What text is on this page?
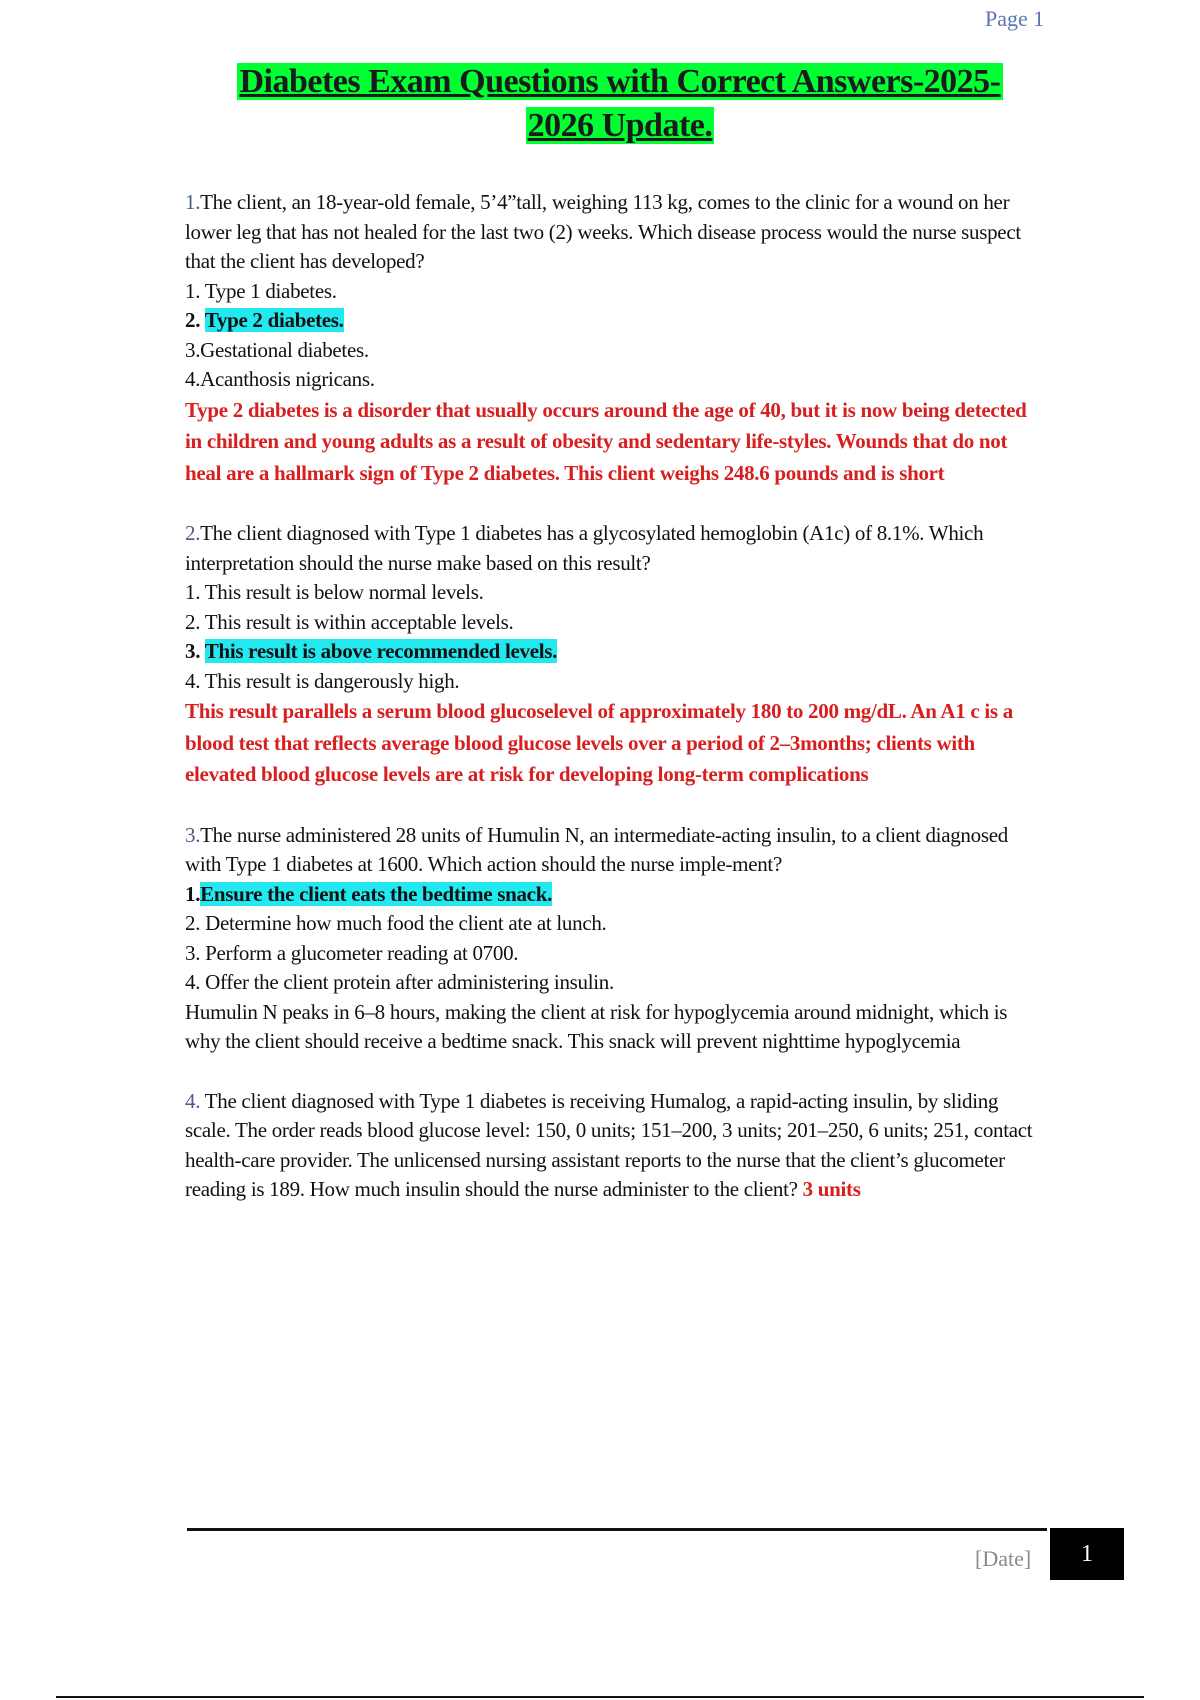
Page 1
Diabetes Exam Questions with Correct Answers-2025-
2026 Update.

1.The client, an 18-year-old female, 5’4”tall, weighing 113 kg, comes to the clinic for a wound on her lower leg that has not healed for the last two (2) weeks. Which disease process would the nurse suspect that the client has developed?

1. Type 1 diabetes.

2. Type 2 diabetes.

3.Gestational diabetes.

4.Acanthosis nigricans.

Type 2 diabetes is a disorder that usually occurs around the age of 40, but it is now being detected in children and young adults as a result of obesity and sedentary life-styles. Wounds that do not heal are a hallmark sign of Type 2 diabetes. This client weighs 248.6 pounds and is short

2.The client diagnosed with Type 1 diabetes has a glycosylated hemoglobin (A1c) of 8.1%. Which interpretation should the nurse make based on this result?

1. This result is below normal levels.

2. This result is within acceptable levels.

3. This result is above recommended levels.

4. This result is dangerously high.

This result parallels a serum blood glucoselevel of approximately 180 to 200 mg/dL. An A1 c is a blood test that reflects average blood glucose levels over a period of 2–3months; clients with elevated blood glucose levels are at risk for developing long-term complications

3.The nurse administered 28 units of Humulin N, an intermediate-acting insulin, to a client diagnosed with Type 1 diabetes at 1600. Which action should the nurse imple-ment?

1.Ensure the client eats the bedtime snack.

2. Determine how much food the client ate at lunch.

3. Perform a glucometer reading at 0700.

4. Offer the client protein after administering insulin.

Humulin N peaks in 6–8 hours, making the client at risk for hypoglycemia around midnight, which is why the client should receive a bedtime snack. This snack will prevent nighttime hypoglycemia

4. The client diagnosed with Type 1 diabetes is receiving Humalog, a rapid-acting insulin, by sliding scale. The order reads blood glucose level: 150, 0 units; 151–200, 3 units; 201–250, 6 units; 251, contact health-care provider. The unlicensed nursing assistant reports to the nurse that the client’s glucometer reading is 189. How much insulin should the nurse administer to the client? 3 units

[Date]	1
